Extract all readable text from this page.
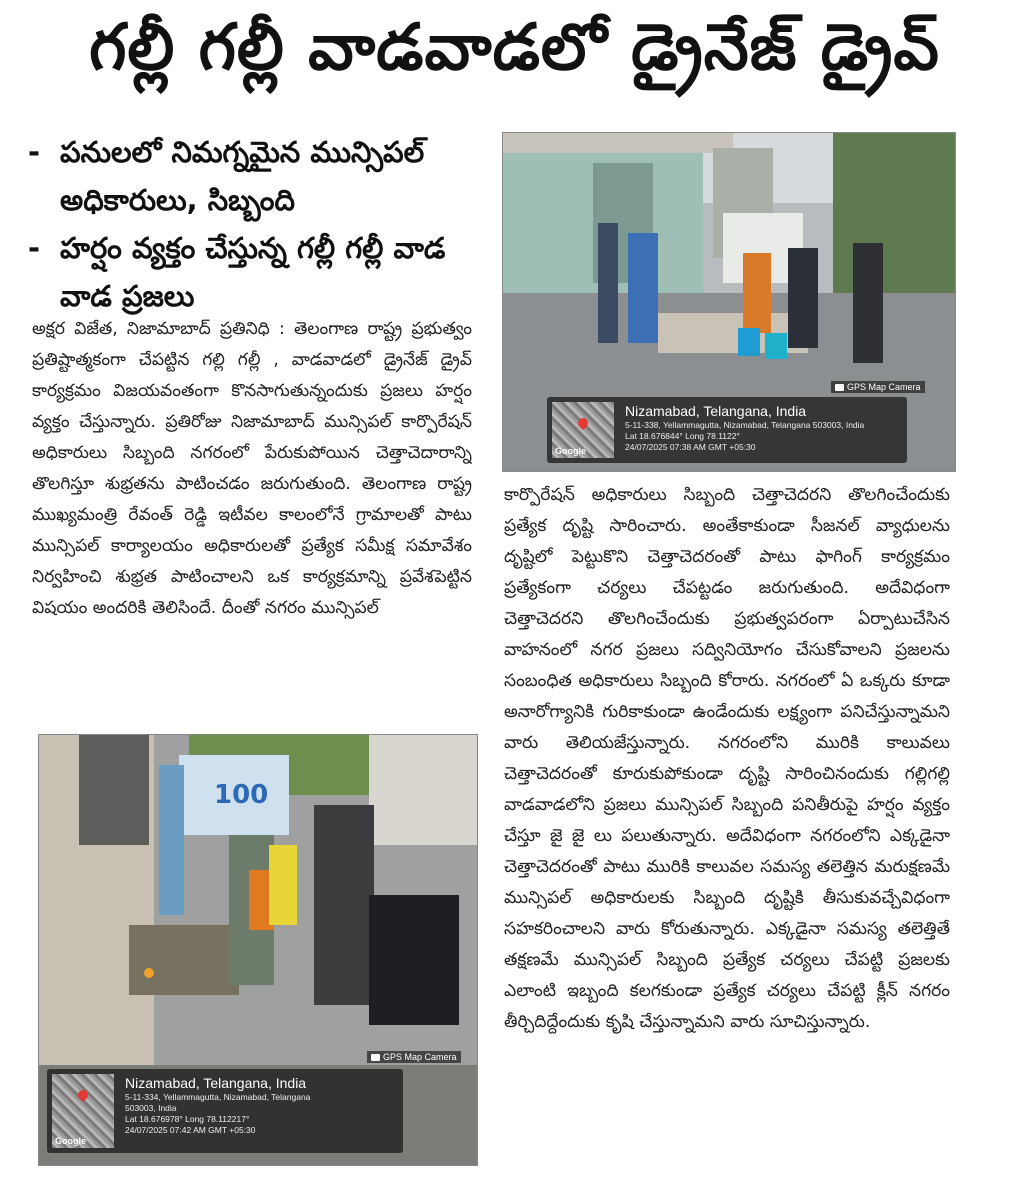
గల్లీ గల్లీ వాడవాడలో డ్రైనేజ్ డ్రైవ్
- పనులలో నిమగ్నమైన మున్సిపల్ అధికారులు, సిబ్బంది
- హర్షం వ్యక్తం చేస్తున్న గల్లీ గల్లీ వాడ వాడ ప్రజలు
అక్షర విజేత, నిజామాబాద్ ప్రతినిధి : తెలంగాణ రాష్ట్ర ప్రభుత్వం ప్రతిష్టాత్మకంగా చేపట్టిన గల్లి గల్లీ , వాడవాడలో డ్రైనేజ్ డ్రైవ్ కార్యక్రమం విజయవంతంగా కొనసాగుతున్నందుకు ప్రజలు హర్షం వ్యక్తం చేస్తున్నారు. ప్రతిరోజు నిజామాబాద్ మున్సిపల్ కార్పొరేషన్ అధికారులు సిబ్బంది నగరంలో పేరుకుపోయిన చెత్తాచెదారాన్ని తొలగిస్తూ శుభ్రతను పాటించడం జరుగుతుంది. తెలంగాణ రాష్ట్ర ముఖ్యమంత్రి రేవంత్ రెడ్డి ఇటీవల కాలంలోనే గ్రామాలతో పాటు మున్సిపల్ కార్యాలయం అధికారులతో ప్రత్యేక సమీక్ష సమావేశం నిర్వహించి శుభ్రత పాటించాలని ఒక కార్యక్రమాన్ని ప్రవేశపెట్టిన విషయం అందరికి తెలిసిందే. దీంతో నగరం మున్సిపల్
GPS Map Camera
Google
Nizamabad, Telangana, India
5-11-338, Yellammagutta, Nizamabad, Telangana 503003, India
Lat 18.676844° Long 78.1122°
24/07/2025 07:38 AM GMT +05:30
కార్పొరేషన్ అధికారులు సిబ్బంది చెత్తాచెదరని తొలగించేందుకు ప్రత్యేక దృష్టి సారించారు. అంతేకాకుండా సీజనల్ వ్యాధులను దృష్టిలో పెట్టుకొని చెత్తాచెదరంతో పాటు ఫాగింగ్ కార్యక్రమం ప్రత్యేకంగా చర్యలు చేపట్టడం జరుగుతుంది. అదేవిధంగా చెత్తాచెదరని తొలగించేందుకు ప్రభుత్వపరంగా ఏర్పాటుచేసిన వాహనంలో నగర ప్రజలు సద్వినియోగం చేసుకోవాలని ప్రజలను సంబంధిత అధికారులు సిబ్బంది కోరారు. నగరంలో ఏ ఒక్కరు కూడా అనారోగ్యానికి గురికాకుండా ఉండేందుకు లక్ష్యంగా పనిచేస్తున్నామని వారు తెలియజేస్తున్నారు. నగరంలోని మురికి కాలువలు చెత్తాచెదరంతో కూరుకుపోకుండా దృష్టి సారించినందుకు గల్లిగల్లి వాడవాడలోని ప్రజలు మున్సిపల్ సిబ్బంది పనితీరుపై హర్షం వ్యక్తం చేస్తూ జై జై లు పలుతున్నారు. అదేవిధంగా నగరంలోని ఎక్కడైనా చెత్తాచెదరంతో పాటు మురికి కాలువల సమస్య తలెత్తిన మరుక్షణమే మున్సిపల్ అధికారులకు సిబ్బంది దృష్టికి తీసుకువచ్చేవిధంగా సహకరించాలని వారు కోరుతున్నారు. ఎక్కడైనా సమస్య తలెత్తితే తక్షణమే మున్సిపల్ సిబ్బంది ప్రత్యేక చర్యలు చేపట్టి ప్రజలకు ఎలాంటి ఇబ్బంది కలగకుండా ప్రత్యేక చర్యలు చేపట్టి క్లీన్ నగరం తీర్చిదిద్దేందుకు కృషి చేస్తున్నామని వారు సూచిస్తున్నారు.
100
GPS Map Camera
Google
Nizamabad, Telangana, India
5-11-334, Yellammagutta, Nizamabad, Telangana
503003, India
Lat 18.676978° Long 78.112217°
24/07/2025 07:42 AM GMT +05:30
